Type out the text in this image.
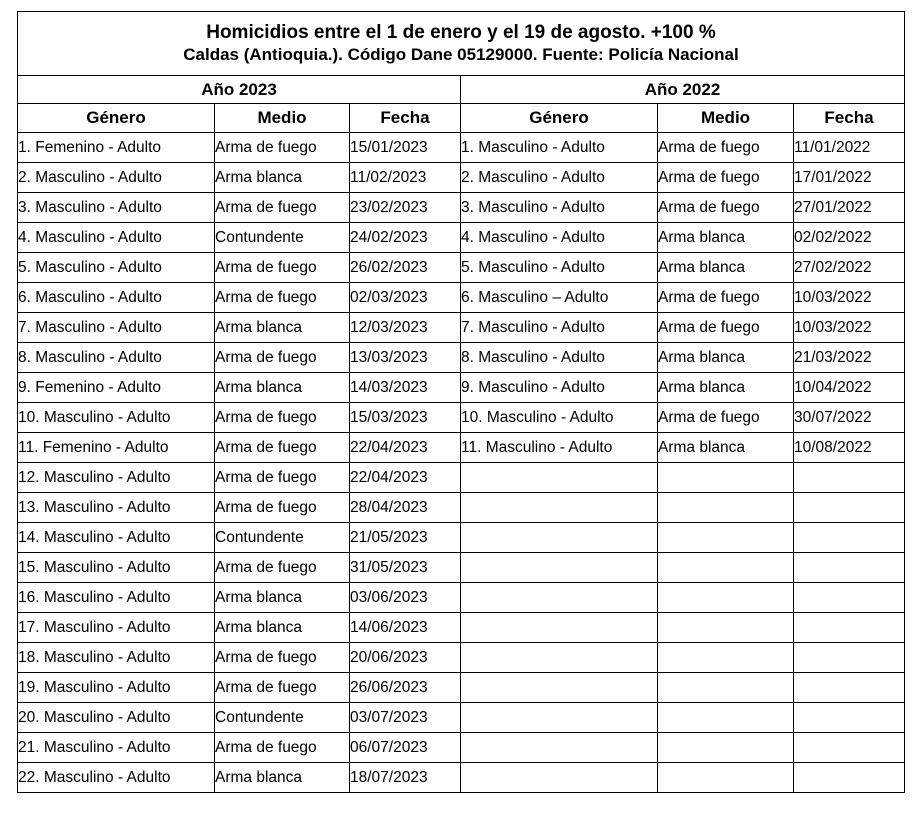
Homicidios entre el 1 de enero y el 19 de agosto. +100 %
Caldas (Antioquia.). Código Dane 05129000. Fuente: Policía Nacional					

Año 2023			Año 2022		
Género	Medio	Fecha	Género	Medio	Fecha
1. Femenino - Adulto	Arma de fuego	15/01/2023	1. Masculino - Adulto	Arma de fuego	11/01/2022
2. Masculino - Adulto	Arma blanca	11/02/2023	2. Masculino - Adulto	Arma de fuego	17/01/2022
3. Masculino - Adulto	Arma de fuego	23/02/2023	3. Masculino - Adulto	Arma de fuego	27/01/2022
4. Masculino - Adulto	Contundente	24/02/2023	4. Masculino - Adulto	Arma blanca	02/02/2022
5. Masculino - Adulto	Arma de fuego	26/02/2023	5. Masculino - Adulto	Arma blanca	27/02/2022
6. Masculino - Adulto	Arma de fuego	02/03/2023	6. Masculino – Adulto	Arma de fuego	10/03/2022
7. Masculino - Adulto	Arma blanca	12/03/2023	7. Masculino - Adulto	Arma de fuego	10/03/2022
8. Masculino - Adulto	Arma de fuego	13/03/2023	8. Masculino - Adulto	Arma blanca	21/03/2022
9. Femenino - Adulto	Arma blanca	14/03/2023	9. Masculino - Adulto	Arma blanca	10/04/2022
10. Masculino - Adulto	Arma de fuego	15/03/2023	10. Masculino - Adulto	Arma de fuego	30/07/2022
11. Femenino - Adulto	Arma de fuego	22/04/2023	11. Masculino - Adulto	Arma blanca	10/08/2022
12. Masculino - Adulto	Arma de fuego	22/04/2023			
13. Masculino - Adulto	Arma de fuego	28/04/2023			
14. Masculino - Adulto	Contundente	21/05/2023			
15. Masculino - Adulto	Arma de fuego	31/05/2023			
16. Masculino - Adulto	Arma blanca	03/06/2023			
17. Masculino - Adulto	Arma blanca	14/06/2023			
18. Masculino - Adulto	Arma de fuego	20/06/2023			
19. Masculino - Adulto	Arma de fuego	26/06/2023			
20. Masculino - Adulto	Contundente	03/07/2023			
21. Masculino - Adulto	Arma de fuego	06/07/2023			
22. Masculino - Adulto	Arma blanca	18/07/2023			
